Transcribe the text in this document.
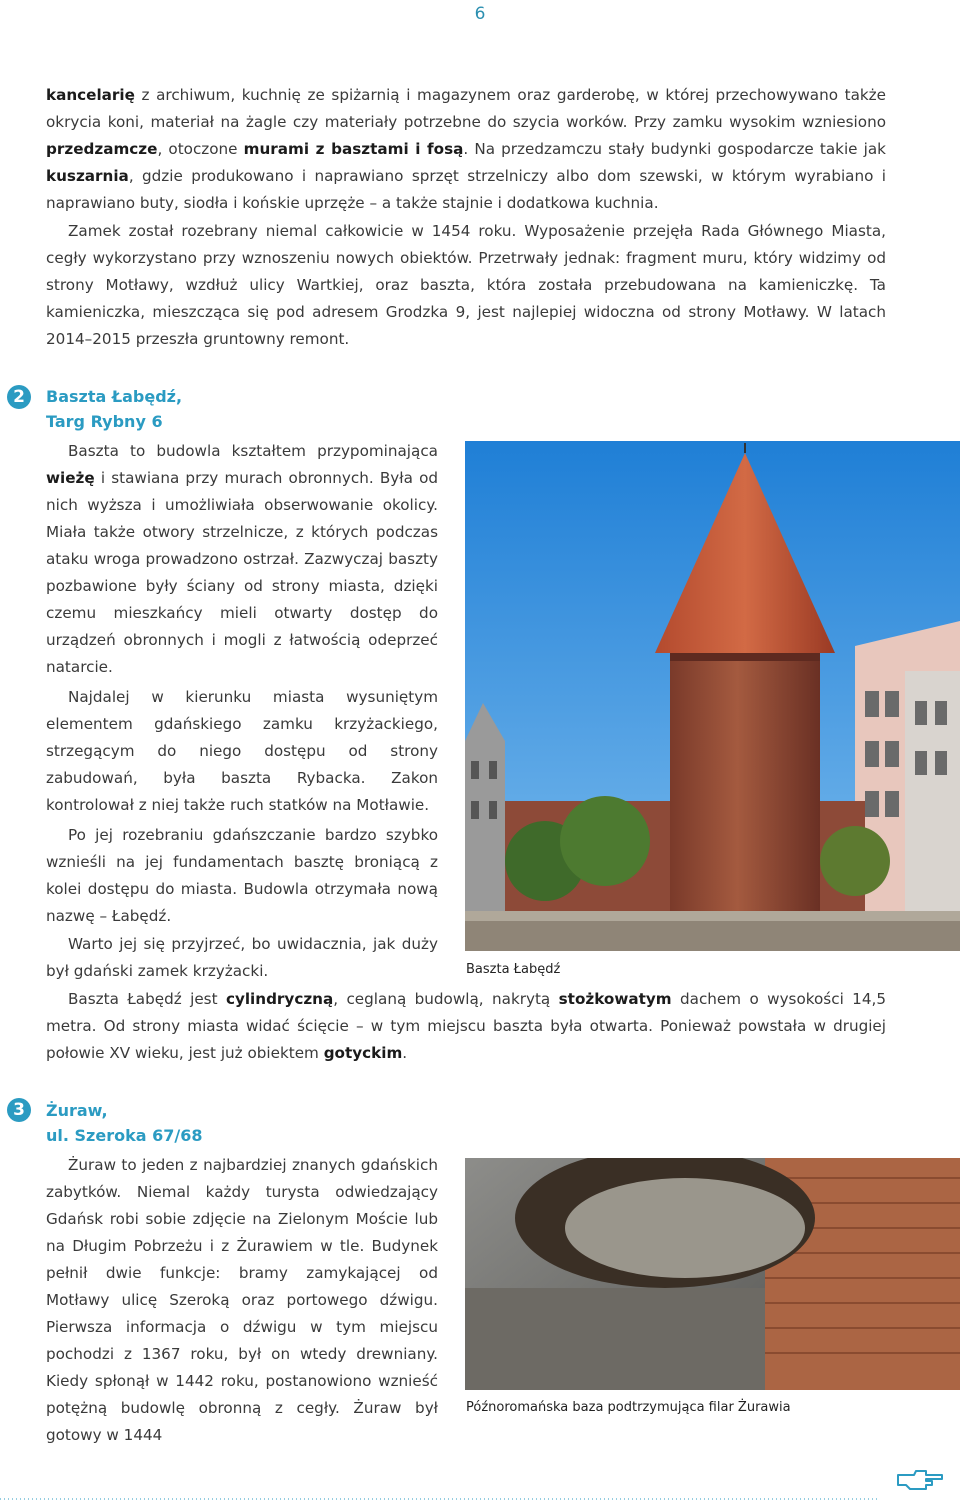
6

kancelarię z archiwum, kuchnię ze spiżarnią i magazynem oraz garderobę, w której przechowywano także okrycia koni, materiał na żagle czy materiały potrzebne do szycia worków. Przy zamku wysokim wzniesiono przedzamcze, otoczone murami z basztami i fosą. Na przedzamczu stały budynki gospodarcze takie jak kuszarnia, gdzie produkowano i naprawiano sprzęt strzelniczy albo dom szewski, w którym wyrabiano i naprawiano buty, siodła i końskie uprzęże – a także stajnie i dodatkowa kuchnia.

Zamek został rozebrany niemal całkowicie w 1454 roku. Wyposażenie przejęła Rada Głównego Miasta, cegły wykorzystano przy wznoszeniu nowych obiektów. Przetrwały jednak: fragment muru, który widzimy od strony Motławy, wzdłuż ulicy Wartkiej, oraz baszta, która została przebudowana na kamieniczkę. Ta kamieniczka, mieszcząca się pod adresem Grodzka 9, jest najlepiej widoczna od strony Motławy. W latach 2014–2015 przeszła gruntowny remont.

2	Baszta Łabędź,
Targ Rybny 6

Baszta to budowla kształtem przypominająca wieżę i stawiana przy murach obronnych. Była od nich wyższa i umożliwiała obserwowanie okolicy. Miała także otwory strzelnicze, z których podczas ataku wroga prowadzono ostrzał. Zazwyczaj baszty pozbawione były ściany od strony miasta, dzięki czemu mieszkańcy mieli otwarty dostęp do urządzeń obronnych i mogli z łatwością odeprzeć natarcie.

Najdalej w kierunku miasta wysuniętym elementem gdańskiego zamku krzyżackiego, strzegącym do niego dostępu od strony zabudowań, była baszta Rybacka. Zakon kontrolował z niej także ruch statków na Motławie.

Po jej rozebraniu gdańszczanie bardzo szybko wznieśli na jej fundamentach basztę broniącą z kolei dostępu do miasta. Budowla otrzymała nową nazwę – Łabędź.

Warto jej się przyjrzeć, bo uwidacznia, jak duży był gdański zamek krzyżacki.

Baszta Łabędź jest cylindryczną, ceglaną budowlą, nakrytą stożkowatym dachem o wysokości 14,5 metra. Od strony miasta widać ścięcie – w tym miejscu baszta była otwarta. Ponieważ powstała w drugiej połowie XV wieku, jest już obiektem gotyckim.

Baszta Łabędź
3	Żuraw,
ul. Szeroka 67/68

Żuraw to jeden z najbardziej znanych gdańskich zabytków. Niemal każdy turysta odwiedzający Gdańsk robi sobie zdjęcie na Zielonym Moście lub na Długim Pobrzeżu i z Żurawiem w tle. Budynek pełnił dwie funkcje: bramy zamykającej od Motławy ulicę Szeroką oraz portowego dźwigu. Pierwsza informacja o dźwigu w tym miejscu pochodzi z 1367 roku, był on wtedy drewniany. Kiedy spłonął w 1442 roku, postanowiono wznieść potężną budowlę obronną z cegły. Żuraw był gotowy w 1444

Późnoromańska baza podtrzymująca filar Żurawia
